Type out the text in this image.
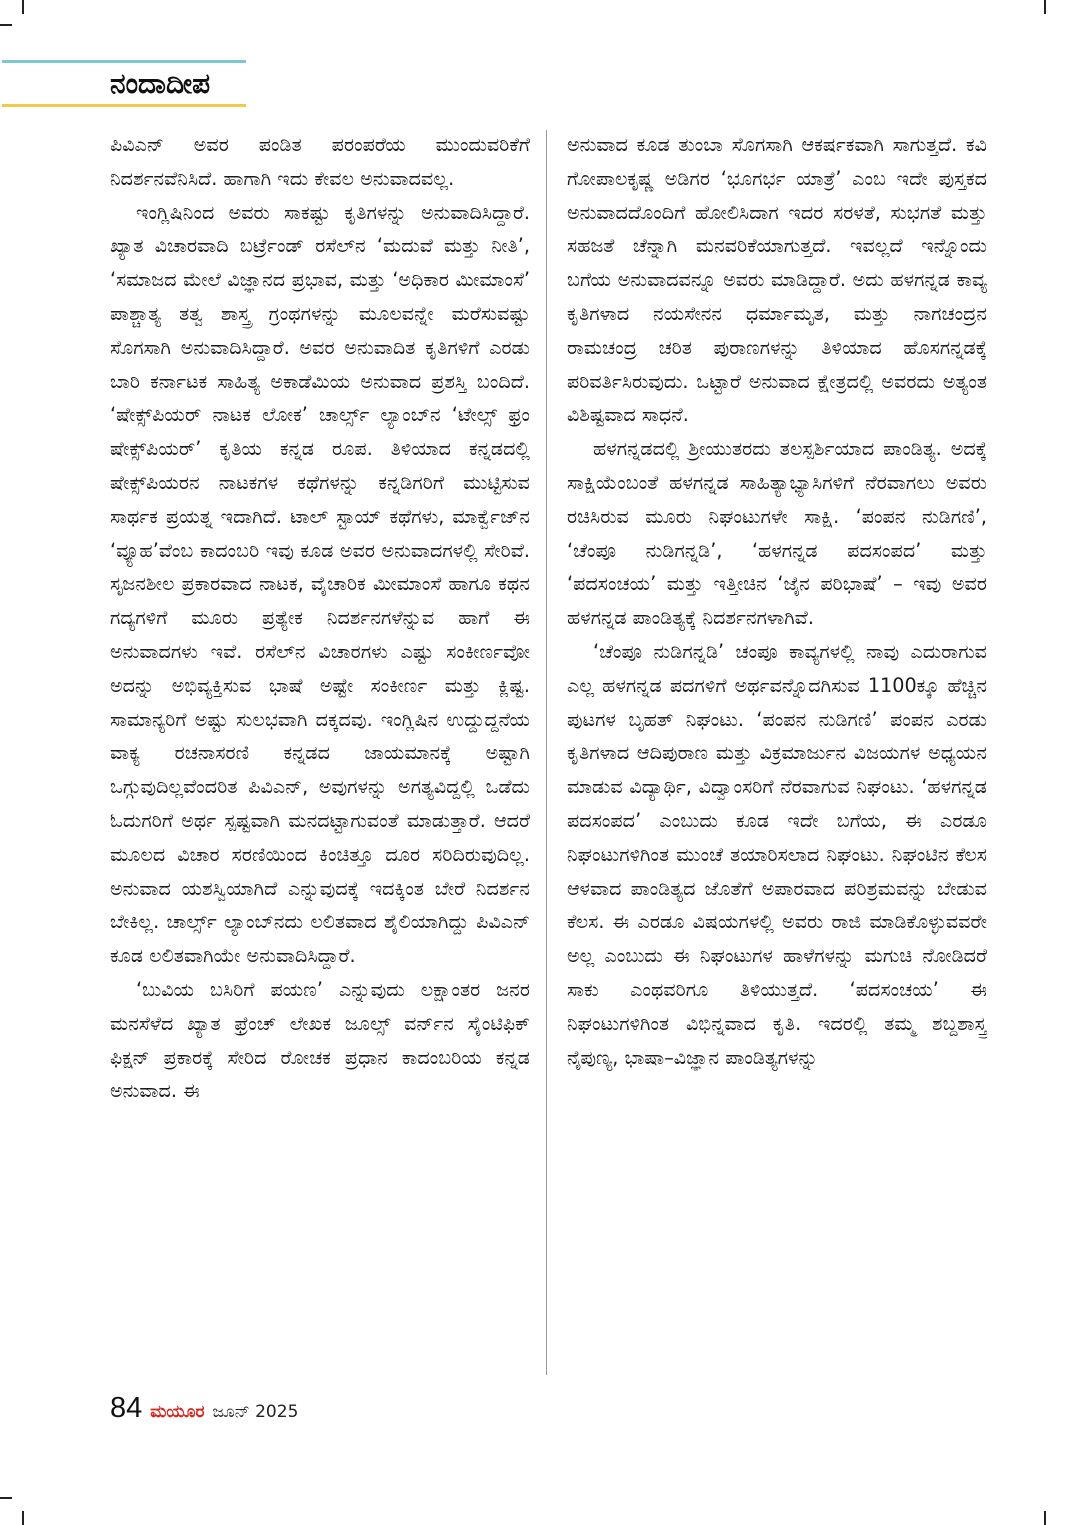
ನಂದಾದೀಪ

ಪಿವಿಎನ್ ಅವರ ಪಂಡಿತ ಪರಂಪರೆಯ ಮುಂದುವರಿಕೆಗೆ ನಿದರ್ಶನವೆನಿಸಿದೆ. ಹಾಗಾಗಿ ಇದು ಕೇವಲ ಅನುವಾದವಲ್ಲ.

ಇಂಗ್ಲಿಷಿನಿಂದ ಅವರು ಸಾಕಷ್ಟು ಕೃತಿಗಳನ್ನು ಅನುವಾದಿಸಿದ್ದಾರೆ. ಖ್ಯಾತ ವಿಚಾರವಾದಿ ಬರ್ಟ್ರೆಂಡ್ ರಸೆಲ್‌ನ ‘ಮದುವೆ ಮತ್ತು ನೀತಿ’, ‘ಸಮಾಜದ ಮೇಲೆ ವಿಜ್ಞಾನದ ಪ್ರಭಾವ, ಮತ್ತು ‘ಅಧಿಕಾರ ಮೀಮಾಂಸೆ’ ಪಾಶ್ಚಾತ್ಯ ತತ್ವ ಶಾಸ್ತ್ರ ಗ್ರಂಥಗಳನ್ನು ಮೂಲವನ್ನೇ ಮರೆಸುವಷ್ಟು ಸೊಗಸಾಗಿ ಅನುವಾದಿಸಿದ್ದಾರೆ. ಅವರ ಅನುವಾದಿತ ಕೃತಿಗಳಿಗೆ ಎರಡು ಬಾರಿ ಕರ್ನಾಟಕ ಸಾಹಿತ್ಯ ಅಕಾಡೆಮಿಯ ಅನುವಾದ ಪ್ರಶಸ್ತಿ ಬಂದಿದೆ. ‘ಷೇಕ್ಸ್‌ಪಿಯರ್ ನಾಟಕ ಲೋಕ’ ಚಾರ್ಲ್ಸ್ ಲ್ಯಾಂಬ್‌ನ ‘ಟೇಲ್ಸ್ ಫ್ರಂ ಷೇಕ್ಸ್‌ಪಿಯರ್’ ಕೃತಿಯ ಕನ್ನಡ ರೂಪ. ತಿಳಿಯಾದ ಕನ್ನಡದಲ್ಲಿ ಷೇಕ್ಸ್‌ಪಿಯರನ ನಾಟಕಗಳ ಕಥೆಗಳನ್ನು ಕನ್ನಡಿಗರಿಗೆ ಮುಟ್ಟಿಸುವ ಸಾರ್ಥಕ ಪ್ರಯತ್ನ ಇದಾಗಿದೆ. ಟಾಲ್ ಸ್ಟಾಯ್ ಕಥೆಗಳು, ಮಾರ್ಕ್ವೆಜ್‌ನ ‘ವ್ಯೂಹ’ವೆಂಬ ಕಾದಂಬರಿ ಇವು ಕೂಡ ಅವರ ಅನುವಾದಗಳಲ್ಲಿ ಸೇರಿವೆ. ಸೃಜನಶೀಲ ಪ್ರಕಾರವಾದ ನಾಟಕ, ವೈಚಾರಿಕ ಮೀಮಾಂಸೆ ಹಾಗೂ ಕಥನ ಗದ್ಯಗಳಿಗೆ ಮೂರು ಪ್ರತ್ಯೇಕ ನಿದರ್ಶನಗಳೆನ್ನುವ ಹಾಗೆ ಈ ಅನುವಾದಗಳು ಇವೆ. ರಸೆಲ್‌ನ ವಿಚಾರಗಳು ಎಷ್ಟು ಸಂಕೀರ್ಣವೋ ಅದನ್ನು ಅಭಿವ್ಯಕ್ತಿಸುವ ಭಾಷೆ ಅಷ್ಟೇ ಸಂಕೀರ್ಣ ಮತ್ತು ಕ್ಲಿಷ್ಟ. ಸಾಮಾನ್ಯರಿಗೆ ಅಷ್ಟು ಸುಲಭವಾಗಿ ದಕ್ಕದವು. ಇಂಗ್ಲಿಷಿನ ಉದ್ದುದ್ದನೆಯ ವಾಕ್ಯ ರಚನಾಸರಣಿ ಕನ್ನಡದ ಜಾಯಮಾನಕ್ಕೆ ಅಷ್ಟಾಗಿ ಒಗ್ಗುವುದಿಲ್ಲವೆಂದರಿತ ಪಿವಿಎನ್, ಅವುಗಳನ್ನು ಅಗತ್ಯವಿದ್ದಲ್ಲಿ ಒಡೆದು ಓದುಗರಿಗೆ ಅರ್ಥ ಸ್ಪಷ್ಟವಾಗಿ ಮನದಟ್ಟಾಗುವಂತೆ ಮಾಡುತ್ತಾರೆ. ಆದರೆ ಮೂಲದ ವಿಚಾರ ಸರಣಿಯಿಂದ ಕಿಂಚಿತ್ತೂ ದೂರ ಸರಿದಿರುವುದಿಲ್ಲ. ಅನುವಾದ ಯಶಸ್ವಿಯಾಗಿದೆ ಎನ್ನುವುದಕ್ಕೆ ಇದಕ್ಕಿಂತ ಬೇರೆ ನಿದರ್ಶನ ಬೇಕಿಲ್ಲ. ಚಾರ್ಲ್ಸ್ ಲ್ಯಾಂಬ್‌ನದು ಲಲಿತವಾದ ಶೈಲಿಯಾಗಿದ್ದು ಪಿವಿಎನ್ ಕೂಡ ಲಲಿತವಾಗಿಯೇ ಅನುವಾದಿಸಿದ್ದಾರೆ.

‘ಬುವಿಯ ಬಸಿರಿಗೆ ಪಯಣ’ ಎನ್ನುವುದು ಲಕ್ಷಾಂತರ ಜನರ ಮನಸೆಳೆದ ಖ್ಯಾತ ಫ್ರೆಂಚ್ ಲೇಖಕ ಜೂಲ್ಸ್ ವರ್ನ್‌ನ ಸೈಂಟಿಫಿಕ್ ಫಿಕ್ಷನ್ ಪ್ರಕಾರಕ್ಕೆ ಸೇರಿದ ರೋಚಕ ಪ್ರಧಾನ ಕಾದಂಬರಿಯ ಕನ್ನಡ ಅನುವಾದ. ಈ

ಅನುವಾದ ಕೂಡ ತುಂಬಾ ಸೊಗಸಾಗಿ ಆಕರ್ಷಕವಾಗಿ ಸಾಗುತ್ತದೆ. ಕವಿ ಗೋಪಾಲಕೃಷ್ಣ ಅಡಿಗರ ‘ಭೂಗರ್ಭ ಯಾತ್ರೆ’ ಎಂಬ ಇದೇ ಪುಸ್ತಕದ ಅನುವಾದದೊಂದಿಗೆ ಹೋಲಿಸಿದಾಗ ಇದರ ಸರಳತೆ, ಸುಭಗತೆ ಮತ್ತು ಸಹಜತೆ ಚೆನ್ನಾಗಿ ಮನವರಿಕೆಯಾಗುತ್ತದೆ. ಇವಲ್ಲದೆ ಇನ್ನೊಂದು ಬಗೆಯ ಅನುವಾದವನ್ನೂ ಅವರು ಮಾಡಿದ್ದಾರೆ. ಅದು ಹಳಗನ್ನಡ ಕಾವ್ಯ ಕೃತಿಗಳಾದ ನಯಸೇನನ ಧರ್ಮಾಮೃತ, ಮತ್ತು ನಾಗಚಂದ್ರನ ರಾಮಚಂದ್ರ ಚರಿತ ಪುರಾಣಗಳನ್ನು ತಿಳಿಯಾದ ಹೊಸಗನ್ನಡಕ್ಕೆ ಪರಿವರ್ತಿಸಿರುವುದು. ಒಟ್ಟಾರೆ ಅನುವಾದ ಕ್ಷೇತ್ರದಲ್ಲಿ ಅವರದು ಅತ್ಯಂತ ವಿಶಿಷ್ಟವಾದ ಸಾಧನೆ.

ಹಳಗನ್ನಡದಲ್ಲಿ ಶ್ರೀಯುತರದು ತಲಸ್ಪರ್ಶಿಯಾದ ಪಾಂಡಿತ್ಯ. ಅದಕ್ಕೆ ಸಾಕ್ಷಿಯೆಂಬಂತೆ ಹಳಗನ್ನಡ ಸಾಹಿತ್ಯಾಭ್ಯಾಸಿಗಳಿಗೆ ನೆರವಾಗಲು ಅವರು ರಚಿಸಿರುವ ಮೂರು ನಿಘಂಟುಗಳೇ ಸಾಕ್ಷಿ. ‘ಪಂಪನ ನುಡಿಗಣಿ’, ‘ಚೆಂಪೂ ನುಡಿಗನ್ನಡಿ’, ‘ಹಳಗನ್ನಡ ಪದಸಂಪದ’ ಮತ್ತು ‘ಪದಸಂಚಯ’ ಮತ್ತು ಇತ್ತೀಚಿನ ‘ಜೈನ ಪರಿಭಾಷೆ’ – ಇವು ಅವರ ಹಳಗನ್ನಡ ಪಾಂಡಿತ್ಯಕ್ಕೆ ನಿದರ್ಶನಗಳಾಗಿವೆ.

‘ಚೆಂಪೂ ನುಡಿಗನ್ನಡಿ’ ಚಂಪೂ ಕಾವ್ಯಗಳಲ್ಲಿ ನಾವು ಎದುರಾಗುವ ಎಲ್ಲ ಹಳಗನ್ನಡ ಪದಗಳಿಗೆ ಅರ್ಥವನ್ನೊದಗಿಸುವ 1100ಕ್ಕೂ ಹೆಚ್ಚಿನ ಪುಟಗಳ ಬೃಹತ್ ನಿಘಂಟು. ‘ಪಂಪನ ನುಡಿಗಣಿ’ ಪಂಪನ ಎರಡು ಕೃತಿಗಳಾದ ಆದಿಪುರಾಣ ಮತ್ತು ವಿಕ್ರಮಾರ್ಜುನ ವಿಜಯಗಳ ಅಧ್ಯಯನ ಮಾಡುವ ವಿದ್ಯಾರ್ಥಿ, ವಿದ್ವಾಂಸರಿಗೆ ನೆರವಾಗುವ ನಿಘಂಟು. ‘ಹಳಗನ್ನಡ ಪದಸಂಪದ’ ಎಂಬುದು ಕೂಡ ಇದೇ ಬಗೆಯ, ಈ ಎರಡೂ ನಿಘಂಟುಗಳಿಗಿಂತ ಮುಂಚೆ ತಯಾರಿಸಲಾದ ನಿಘಂಟು. ನಿಘಂಟಿನ ಕೆಲಸ ಆಳವಾದ ಪಾಂಡಿತ್ಯದ ಜೊತೆಗೆ ಅಪಾರವಾದ ಪರಿಶ್ರಮವನ್ನು ಬೇಡುವ ಕೆಲಸ. ಈ ಎರಡೂ ವಿಷಯಗಳಲ್ಲಿ ಅವರು ರಾಜಿ ಮಾಡಿಕೊಳ್ಳುವವರೇ ಅಲ್ಲ ಎಂಬುದು ಈ ನಿಘಂಟುಗಳ ಹಾಳೆಗಳನ್ನು ಮಗುಚಿ ನೋಡಿದರೆ ಸಾಕು ಎಂಥವರಿಗೂ ತಿಳಿಯುತ್ತದೆ. ‘ಪದಸಂಚಯ’ ಈ ನಿಘಂಟುಗಳಿಗಿಂತ ವಿಭಿನ್ನವಾದ ಕೃತಿ. ಇದರಲ್ಲಿ ತಮ್ಮ ಶಬ್ದಶಾಸ್ತ್ರ ನೈಪುಣ್ಯ, ಭಾಷಾ–ವಿಜ್ಞಾನ ಪಾಂಡಿತ್ಯಗಳನ್ನು

84 ಮಯೂರ ಜೂನ್ 2025
